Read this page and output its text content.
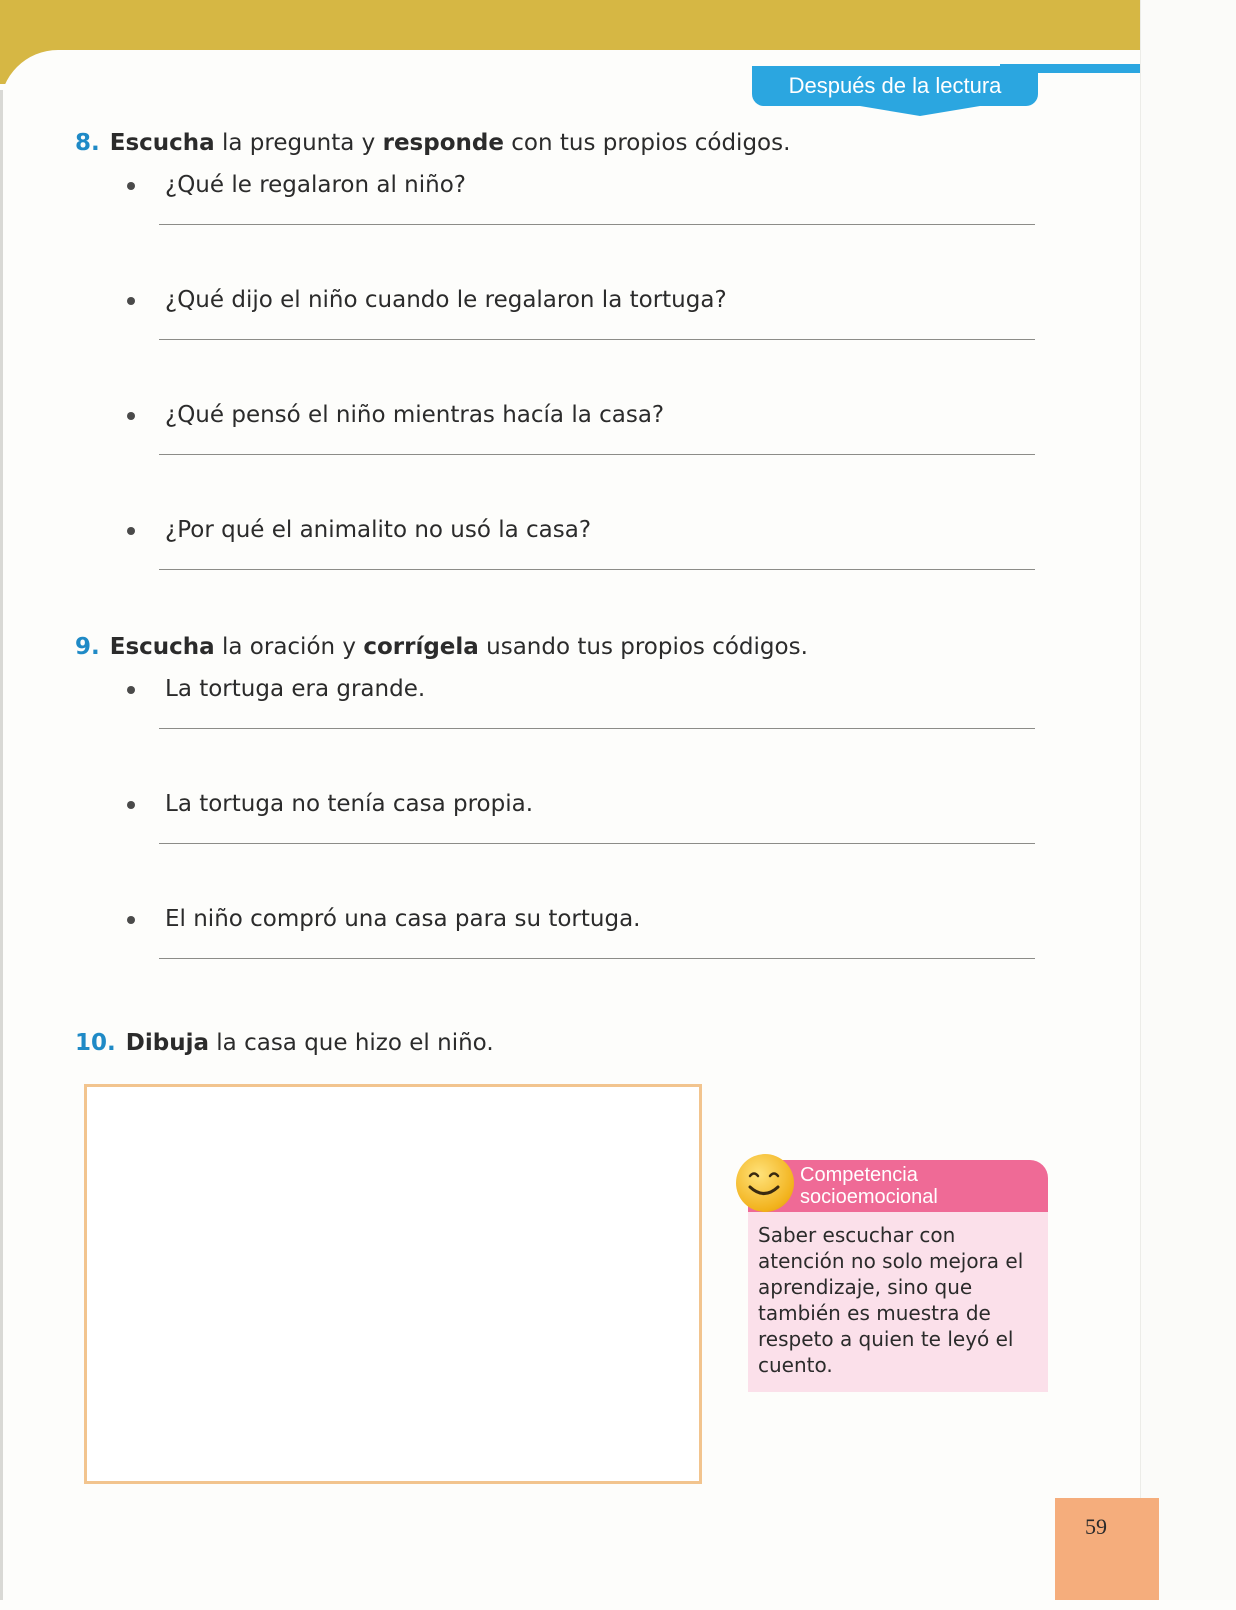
Después de la lectura
8. Escucha la pregunta y responde con tus propios códigos.
¿Qué le regalaron al niño?
¿Qué dijo el niño cuando le regalaron la tortuga?
¿Qué pensó el niño mientras hacía la casa?
¿Por qué el animalito no usó la casa?
9. Escucha la oración y corrígela usando tus propios códigos.
La tortuga era grande.
La tortuga no tenía casa propia.
El niño compró una casa para su tortuga.
10. Dibuja la casa que hizo el niño.
Competencia
socioemocional
Saber escuchar con atención no solo mejora el aprendizaje, sino que también es muestra de respeto a quien te leyó el cuento.
59
